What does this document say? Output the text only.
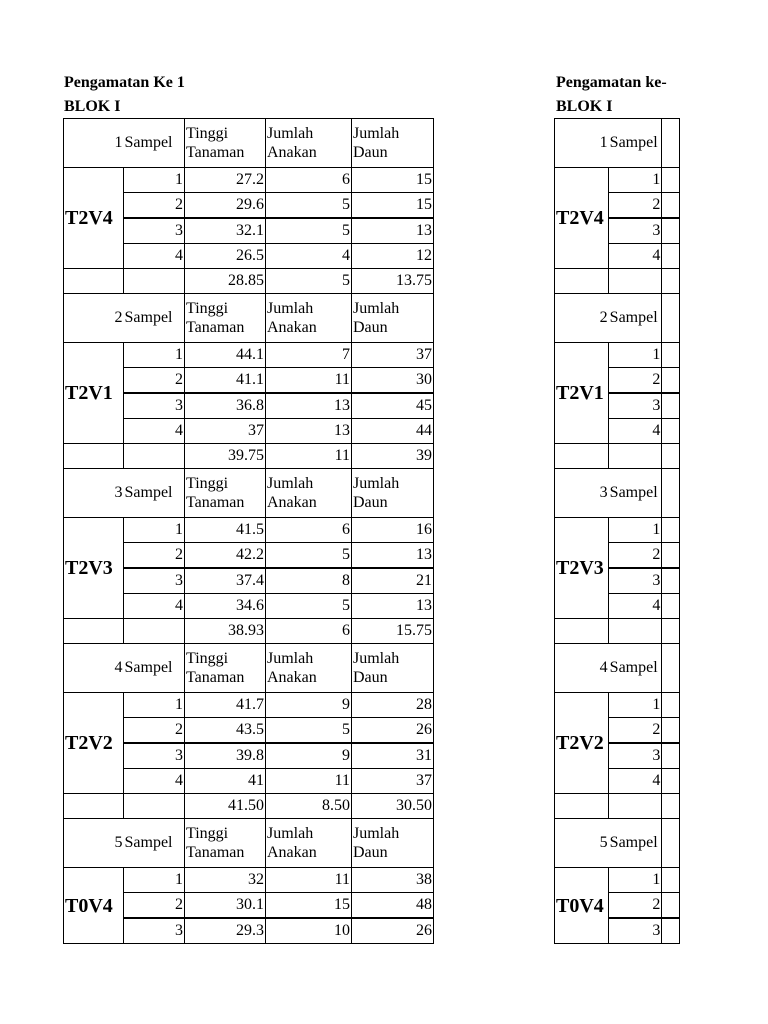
Pengamatan Ke 1
BLOK I
1	Sampel	Tinggi Tanaman	Jumlah Anakan	Jumlah Daun
T2V4	1	27.2	6	15
	2	29.6	5	15
	3	32.1	5	13
	4	26.5	4	12
		28.85	5	13.75
2	Sampel	Tinggi Tanaman	Jumlah Anakan	Jumlah Daun
T2V1	1	44.1	7	37
	2	41.1	11	30
	3	36.8	13	45
	4	37	13	44
		39.75	11	39
3	Sampel	Tinggi Tanaman	Jumlah Anakan	Jumlah Daun
T2V3	1	41.5	6	16
	2	42.2	5	13
	3	37.4	8	21
	4	34.6	5	13
		38.93	6	15.75
4	Sampel	Tinggi Tanaman	Jumlah Anakan	Jumlah Daun
T2V2	1	41.7	9	28
	2	43.5	5	26
	3	39.8	9	31
	4	41	11	37
		41.50	8.50	30.50
5	Sampel	Tinggi Tanaman	Jumlah Anakan	Jumlah Daun
T0V4	1	32	11	38
	2	30.1	15	48
	3	29.3	10	26
Pengamatan ke-
BLOK I
1	Sampel	
T2V4	1	
	2	
	3	
	4	

2	Sampel	
T2V1	1	
	2	
	3	
	4	

3	Sampel	
T2V3	1	
	2	
	3	
	4	

4	Sampel	
T2V2	1	
	2	
	3	
	4	

5	Sampel	
T0V4	1	
	2	
	3	
